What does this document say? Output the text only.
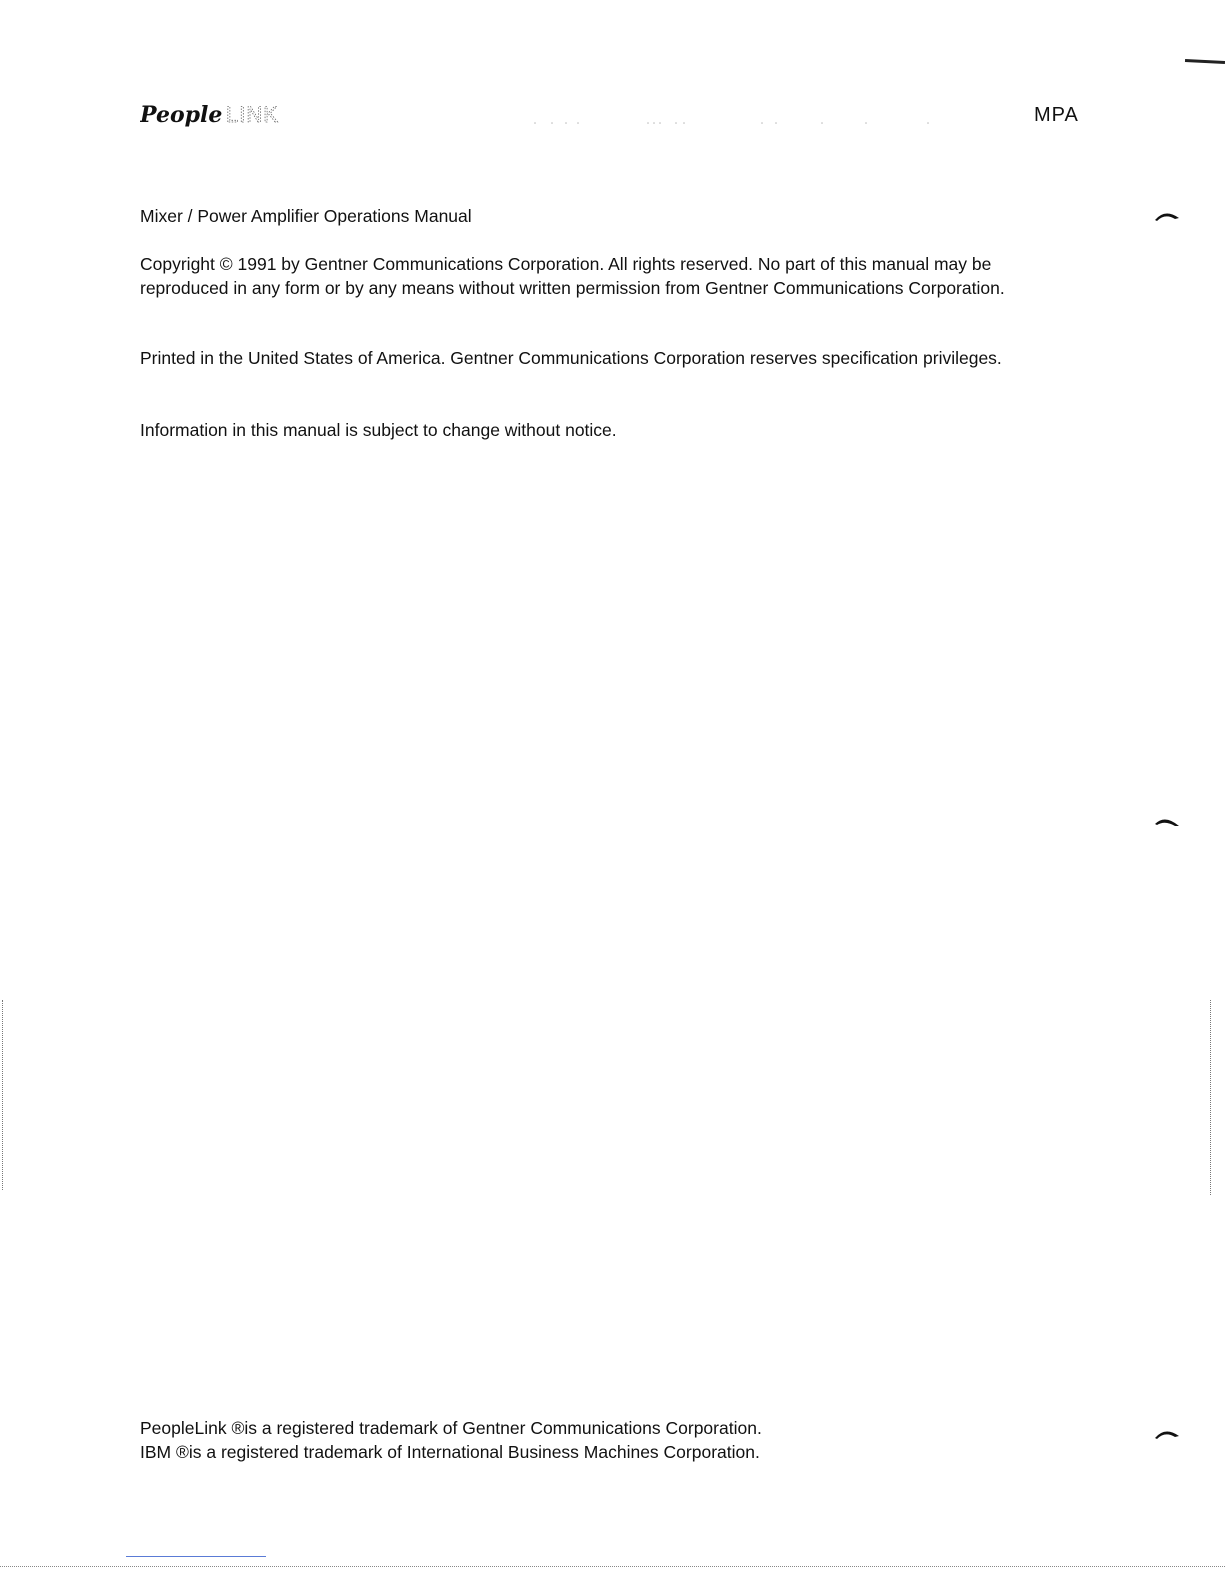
People LINK	MPA
Mixer / Power Amplifier Operations Manual

Copyright © 1991 by Gentner Communications Corporation. All rights reserved. No part of this manual may be reproduced in any form or by any means without written permission from Gentner Communications Corporation.

Printed in the United States of America. Gentner Communications Corporation reserves specification privileges.

Information in this manual is subject to change without notice.

PeopleLink ®is a registered trademark of Gentner Communications Corporation.
IBM ®is a registered trademark of International Business Machines Corporation.
